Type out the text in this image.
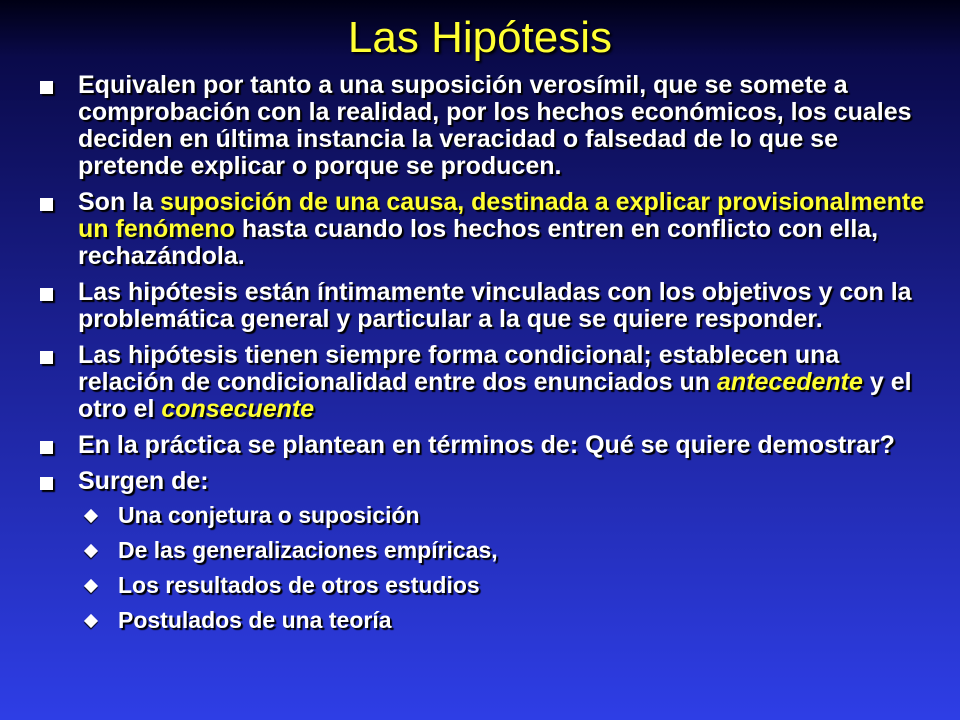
Las Hipótesis
Equivalen por tanto a una suposición verosímil, que se somete a comprobación con la realidad, por los hechos económicos, los cuales deciden en última instancia la veracidad o falsedad de lo que se pretende explicar o porque se producen.
Son la suposición de una causa, destinada a explicar provisionalmente un fenómeno hasta cuando los hechos entren en conflicto con ella, rechazándola.
Las hipótesis están íntimamente vinculadas con los objetivos y con la problemática general y particular a la que se quiere responder.
Las hipótesis tienen siempre forma condicional; establecen una relación de condicionalidad entre dos enunciados un antecedente y el otro el consecuente
En la práctica se plantean en términos de: Qué se quiere demostrar?
Surgen de:
Una conjetura o suposición
De las generalizaciones empíricas,
Los resultados de otros estudios
Postulados de una teoría
